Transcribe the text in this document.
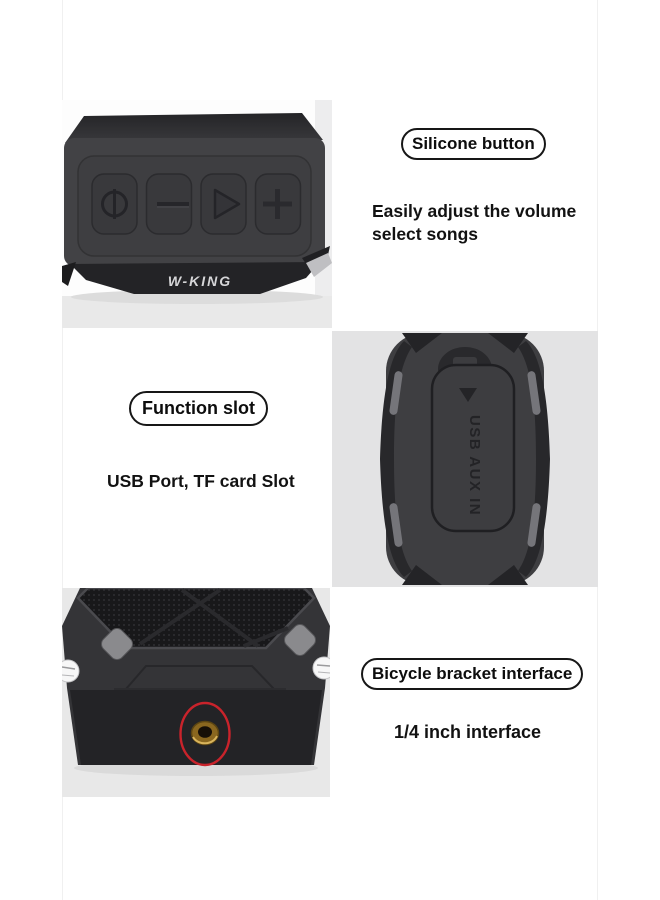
W-KING
Silicone button
Easily adjust the volume
select songs
USB AUX IN
Function slot
USB Port, TF card Slot
Bicycle bracket interface
1/4 inch interface
